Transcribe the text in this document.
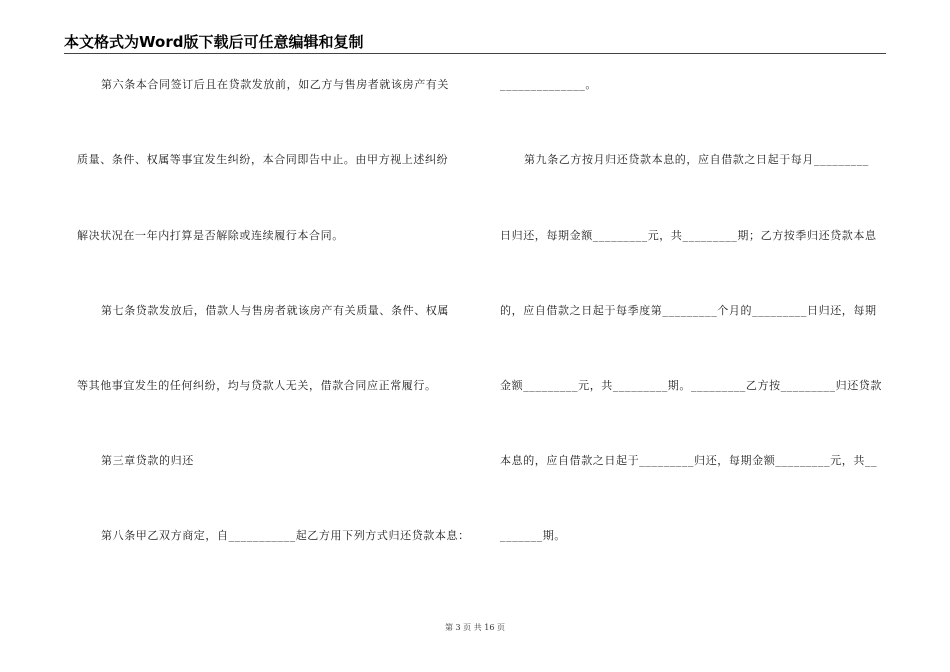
本文格式为Word版下载后可任意编辑和复制
第六条本合同签订后且在贷款发放前，如乙方与售房者就该房产有关
质量、条件、权属等事宜发生纠纷，本合同即告中止。由甲方视上述纠纷
解决状况在一年内打算是否解除或连续履行本合同。
第七条贷款发放后，借款人与售房者就该房产有关质量、条件、权属
等其他事宜发生的任何纠纷，均与贷款人无关，借款合同应正常履行。
第三章贷款的归还
第八条甲乙双方商定，自___________起乙方用下列方式归还贷款本息：
______________。
第九条乙方按月归还贷款本息的，应自借款之日起于每月_________
日归还，每期金额_________元，共_________期；乙方按季归还贷款本息
的，应自借款之日起于每季度第_________个月的_________日归还，每期
金额_________元，共_________期。_________乙方按_________归还贷款
本息的，应自借款之日起于_________归还，每期金额_________元，共__
_______期。
第 3 页 共 16 页
